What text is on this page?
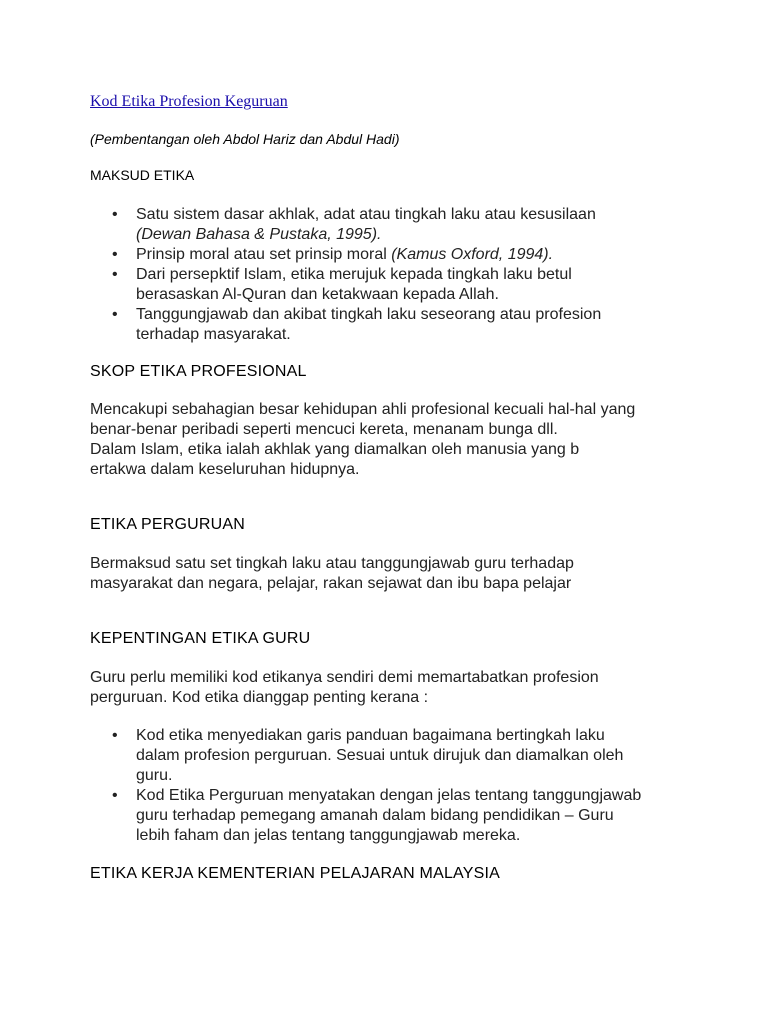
Kod Etika Profesion Keguruan
(Pembentangan oleh Abdol Hariz dan Abdul Hadi)
MAKSUD ETIKA
• Satu sistem dasar akhlak, adat atau tingkah laku atau kesusilaan
(Dewan Bahasa & Pustaka, 1995).
• Prinsip moral atau set prinsip moral (Kamus Oxford, 1994).
• Dari persepktif Islam, etika merujuk kepada tingkah laku betul
berasaskan Al-Quran dan ketakwaan kepada Allah.
• Tanggungjawab dan akibat tingkah laku seseorang atau profesion
terhadap masyarakat.
SKOP ETIKA PROFESIONAL
Mencakupi sebahagian besar kehidupan ahli profesional kecuali hal-hal yang
benar-benar peribadi seperti mencuci kereta, menanam bunga dll.
Dalam Islam, etika ialah akhlak yang diamalkan oleh manusia yang b
ertakwa dalam keseluruhan hidupnya.
ETIKA PERGURUAN
Bermaksud satu set tingkah laku atau tanggungjawab guru terhadap
masyarakat dan negara, pelajar, rakan sejawat dan ibu bapa pelajar
KEPENTINGAN ETIKA GURU
Guru perlu memiliki kod etikanya sendiri demi memartabatkan profesion
perguruan. Kod etika dianggap penting kerana :
• Kod etika menyediakan garis panduan bagaimana bertingkah laku
dalam profesion perguruan. Sesuai untuk dirujuk dan diamalkan oleh
guru.
• Kod Etika Perguruan menyatakan dengan jelas tentang tanggungjawab
guru terhadap pemegang amanah dalam bidang pendidikan – Guru
lebih faham dan jelas tentang tanggungjawab mereka.
ETIKA KERJA KEMENTERIAN PELAJARAN MALAYSIA
